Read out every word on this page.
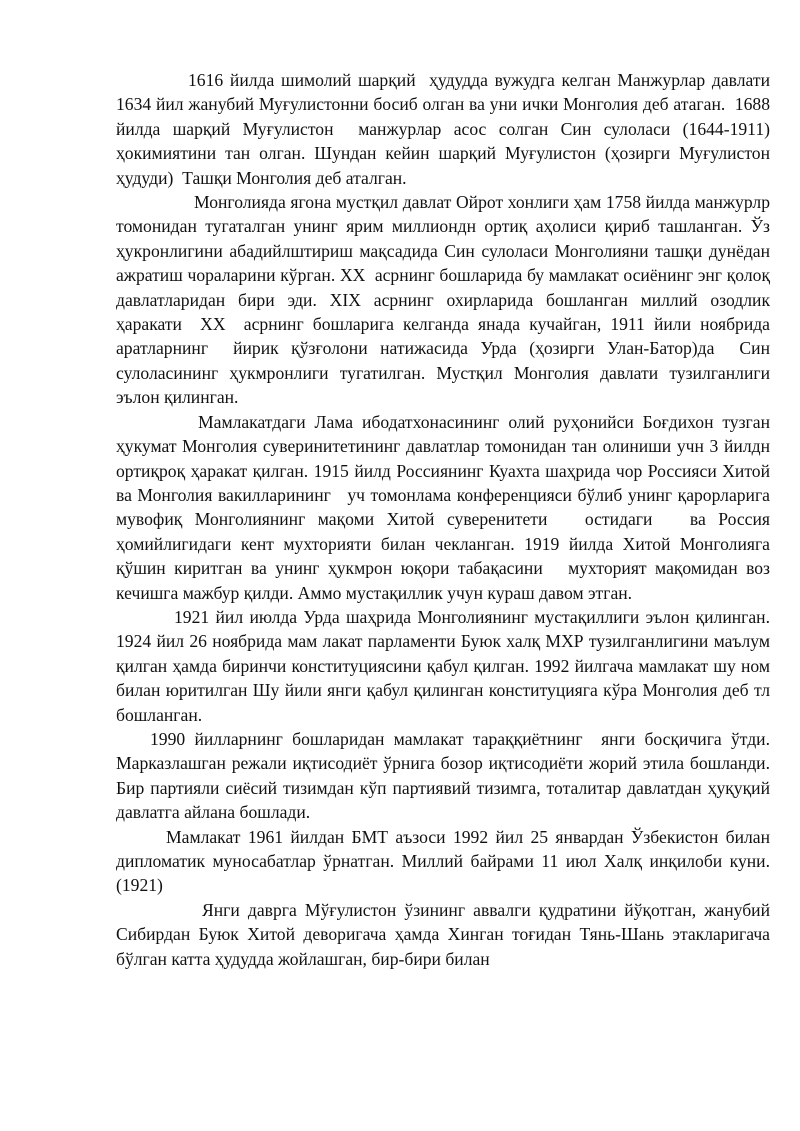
1616 йилда шимолий шарқий  ҳудудда вужудга келган Манжурлар давлати 1634 йил жанубий Муғулистонни босиб олган ва уни ички Монголия деб атаган.  1688  йилда шарқий Муғулистон  манжурлар асос солган Син сулоласи (1644-1911) ҳокимиятини тан олган. Шундан кейин шарқий Муғулистон (ҳозирги Муғулистон ҳудуди)  Ташқи Монголия деб аталган.

Монголияда ягона мустқил давлат Ойрот хонлиги ҳам 1758 йилда манжурлр томонидан тугаталган унинг ярим миллиондн ортиқ аҳолиси қириб ташланган. Ўз ҳукронлигини абадийлштириш мақсадида Син сулоласи Монголияни ташқи дунёдан ажратиш чораларини кўрган. XX  асрнинг бошларида бу мамлакат осиёнинг энг қолоқ  давлатларидан бири эди. XIX асрнинг охирларида бошланган миллий озодлик ҳаракати  XX  асрнинг бошларига келганда янада кучайган, 1911 йили ноябрида  аратларнинг  йирик қўзғолони натижасида Урда (ҳозирги Улан-Батор)да  Син сулоласининг ҳукмронлиги тугатилган. Мустқил Монголия давлати тузилганлиги эълон қилинган.

Мамлакатдаги Лама ибодатхонасининг олий руҳонийси Боғдихон тузган ҳукумат Монголия суверинитетининг давлатлар томонидан тан олиниши учн 3 йилдн ортиқроқ ҳаракат қилган. 1915 йилд Россиянинг Куахта шаҳрида чор Россияси Хитой ва Монголия вакилларининг   уч томонлама конференцияси бўлиб унинг қарорларига мувофиқ Монголиянинг мақоми Хитой суверенитети   остидаги   ва Россия ҳомийлигидаги кент мухторияти билан чекланган. 1919 йилда Хитой Монголияга қўшин киритган ва унинг ҳукмрон юқори табақасини   мухторият мақомидан воз кечишга мажбур қилди. Аммо мустақиллик учун кураш давом этган.

1921 йил июлда Урда шаҳрида Монголиянинг мустақиллиги эълон қилинган. 1924 йил 26 ноябрида мам лакат парламенти Буюк халқ МХР тузилганлигини маълум қилган ҳамда биринчи конституциясини қабул қилган. 1992 йилгача мамлакат шу ном билан юритилган Шу йили янги қабул қилинган конституцияга кўра Монголия деб тл бошланган.

1990 йилларнинг бошларидан мамлакат тараққиётнинг  янги босқичига ўтди. Марказлашган режали иқтисодиёт ўрнига бозор иқтисодиёти жорий этила бошланди. Бир партияли сиёсий тизимдан кўп партиявий тизимга, тоталитар давлатдан ҳуқуқий давлатга айлана бошлади.

Мамлакат 1961 йилдан БМТ аъзоси 1992 йил 25 январдан Ўзбекистон билан дипломатик муносабатлар ўрнатган. Миллий байрами 11 июл Халқ инқилоби куни. (1921)

Янги даврга Мўғулистон ўзининг аввалги қудратини йўқотган, жанубий Сибирдан Буюк Хитой деворигача ҳамда Хинган тоғидан Тянь-Шань этакларигача бўлган катта ҳудудда жойлашган, бир-бири билан
